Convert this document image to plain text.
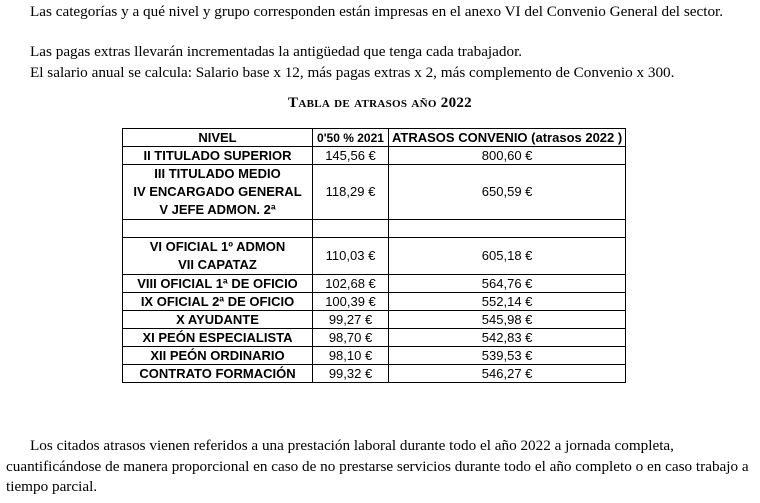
Las categorías y a qué nivel y grupo corresponden están impresas en el anexo VI del Convenio General del sector.

Las pagas extras llevarán incrementadas la antigüedad que tenga cada trabajador.

El salario anual se calcula: Salario base x 12, más pagas extras x 2, más complemento de Convenio x 300.

Tabla de atrasos año 2022
NIVEL	0'50 % 2021	ATRASOS CONVENIO (atrasos 2022 )
II TITULADO SUPERIOR	145,56 €	800,60 €

III TITULADO MEDIO
IV ENCARGADO GENERAL
V JEFE ADMON. 2ª	118,29 €	650,59 €

VI OFICIAL 1º ADMON
VII CAPATAZ	110,03 €	605,18 €
VIII OFICIAL 1ª DE OFICIO	102,68 €	564,76 €
IX OFICIAL 2ª DE OFICIO	100,39 €	552,14 €
X AYUDANTE	99,27 €	545,98 €
XI PEÓN ESPECIALISTA	98,70 €	542,83 €
XII PEÓN ORDINARIO	98,10 €	539,53 €
CONTRATO FORMACIÓN	99,32 €	546,27 €

Los citados atrasos vienen referidos a una prestación laboral durante todo el año 2022 a jornada completa, cuantificándose de manera proporcional en caso de no prestarse servicios durante todo el año completo o en caso trabajo a tiempo parcial.
